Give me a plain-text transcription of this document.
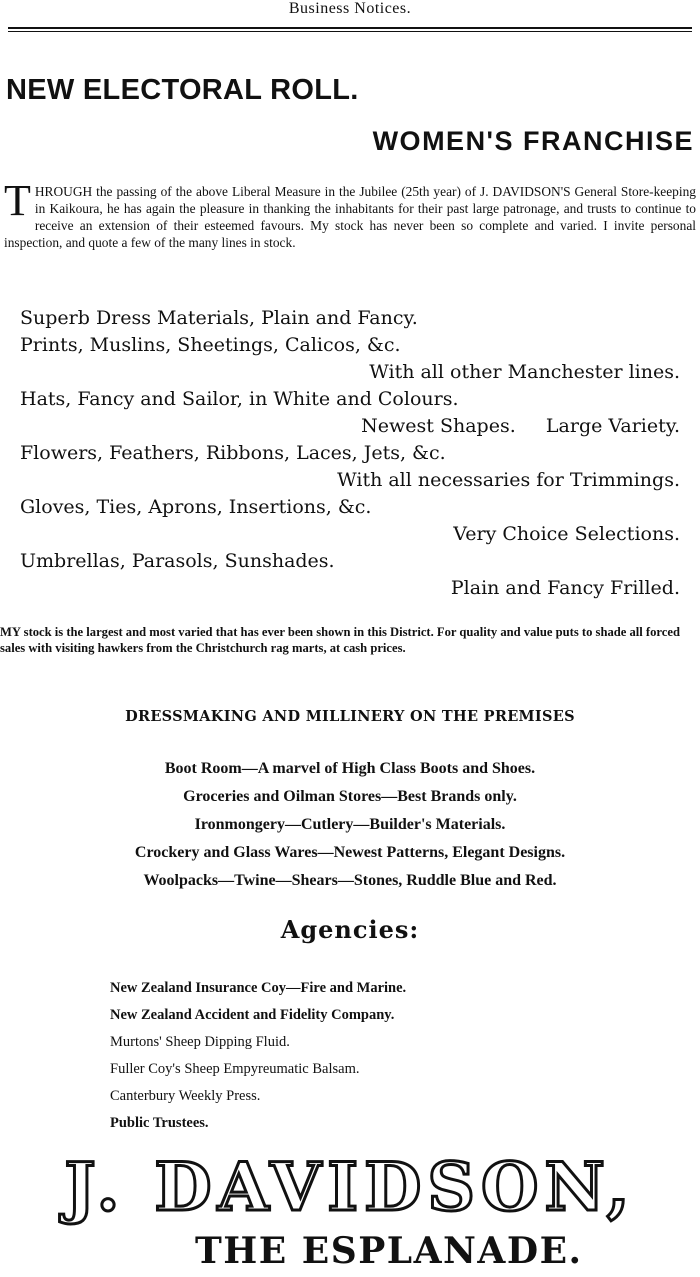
Business Notices.
NEW ELECTORAL ROLL.
WOMEN'S FRANCHISE
THROUGH the passing of the above Liberal Measure in the Jubilee (25th year) of J. DAVIDSON'S General Store-keeping in Kaikoura, he has again the pleasure in thanking the inhabitants for their past large patronage, and trusts to continue to receive an extension of their esteemed favours. My stock has never been so complete and varied. I invite personal inspection, and quote a few of the many lines in stock.
Superb Dress Materials, Plain and Fancy.
Prints, Muslins, Sheetings, Calicos, &c.
With all other Manchester lines.
Hats, Fancy and Sailor, in White and Colours.
Newest Shapes.     Large Variety.
Flowers, Feathers, Ribbons, Laces, Jets, &c.
With all necessaries for Trimmings.
Gloves, Ties, Aprons, Insertions, &c.
Very Choice Selections.
Umbrellas, Parasols, Sunshades.
Plain and Fancy Frilled.
MY stock is the largest and most varied that has ever been shown in this District. For quality and value puts to shade all forced sales with visiting hawkers from the Christchurch rag marts, at cash prices.
DRESSMAKING AND MILLINERY ON THE PREMISES
Boot Room—A marvel of High Class Boots and Shoes.
Groceries and Oilman Stores—Best Brands only.
Ironmongery—Cutlery—Builder's Materials.
Crockery and Glass Wares—Newest Patterns, Elegant Designs.
Woolpacks—Twine—Shears—Stones, Ruddle Blue and Red.
Agencies:
New Zealand Insurance Coy—Fire and Marine.
New Zealand Accident and Fidelity Company.
Murtons' Sheep Dipping Fluid.
Fuller Coy's Sheep Empyreumatic Balsam.
Canterbury Weekly Press.
Public Trustees.
J. DAVIDSON,
THE ESPLANADE.
